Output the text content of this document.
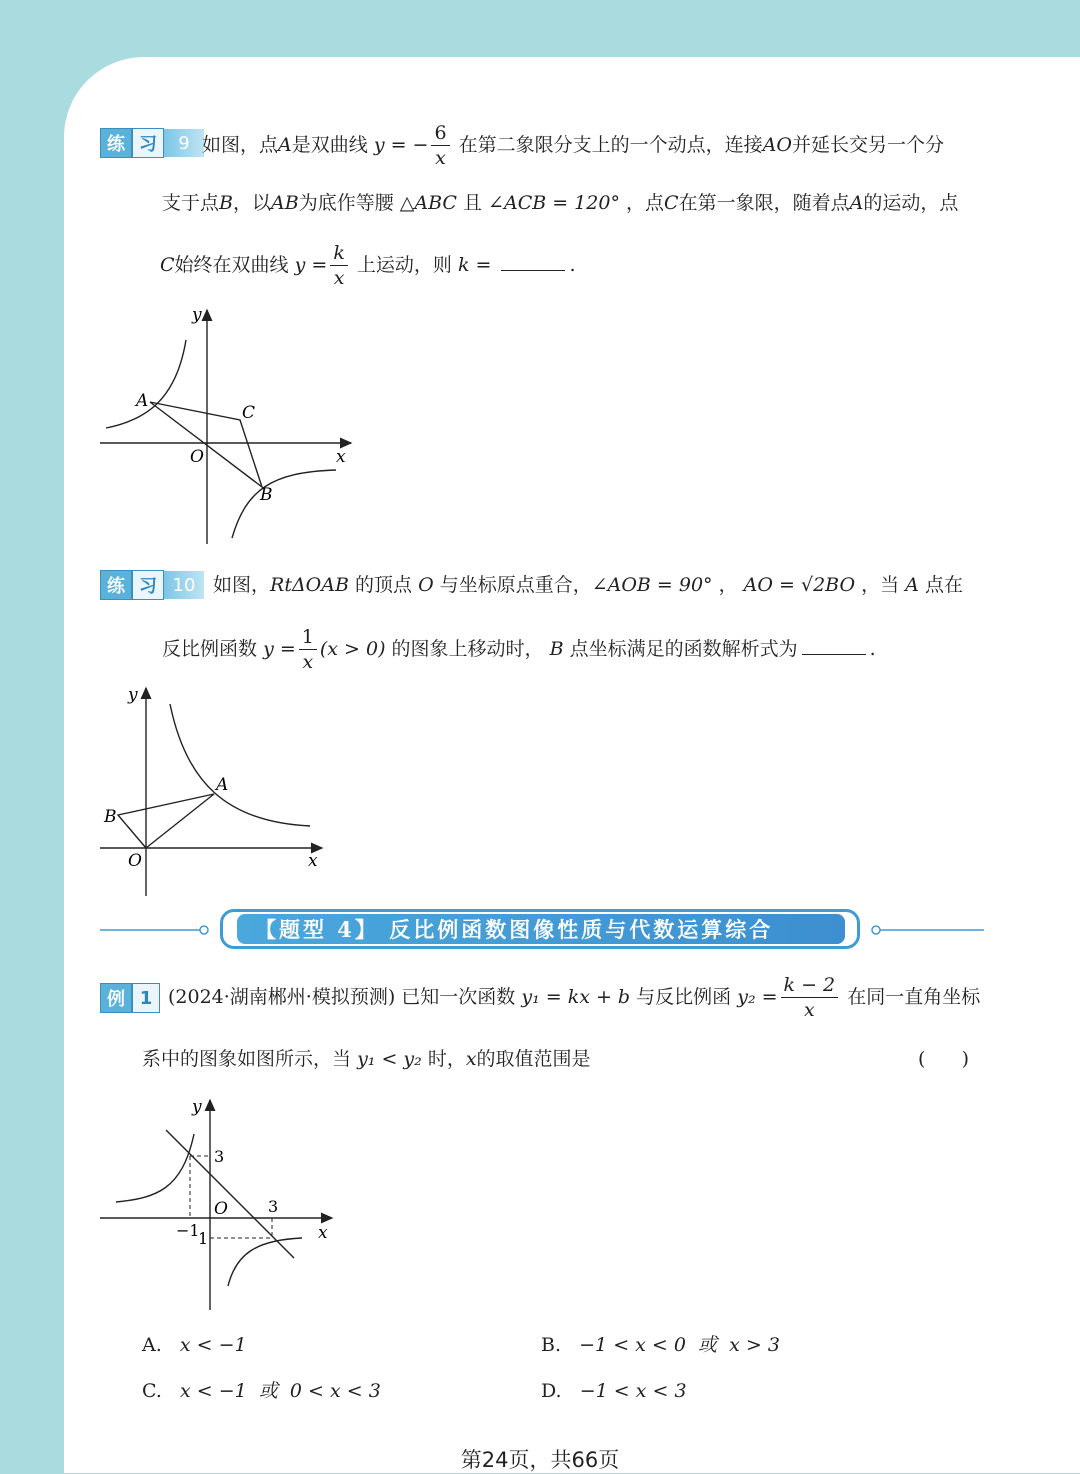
练 习	9 如图，点A是双曲线 y = − $\frac{6}{x}$ 在第二象限分支上的一个动点，连接AO并延长交另一个分
支于点B，以AB为底作等腰 △ABC 且 ∠ACB = 120° ，点C在第一象限，随着点A的运动，点
C始终在双曲线 $y = \frac{k}{x}$ 上运动，则 k =	.
y
x
O
A
B
C
练 习 10 如图，RtΔOAB 的顶点 O 与坐标原点重合，∠AOB = 90° ， AO = √2BO ，当 A 点在
反比例函数 $y = \frac{1}{x} (x > 0)$ 的图象上移动时， B 点坐标满足的函数解析式为	.
y
x
O
A
B
【题型 4】 反比例函数图像性质与代数运算综合
例 1 (2024·湖南郴州·模拟预测) 已知一次函数 y₁ = kx + b 与反比例函 $y_2 = \frac{k - 2}{x}$ 在同一直角坐标
系中的图象如图所示，当 y₁ < y₂ 时，x的取值范围是	(      )
y
x
O
3
3
−1
1
A. x < −1	B. −1 < x < 0  或  x > 3
C. x < −1  或  0 < x < 3	D. −1 < x < 3
第24页，共66页
